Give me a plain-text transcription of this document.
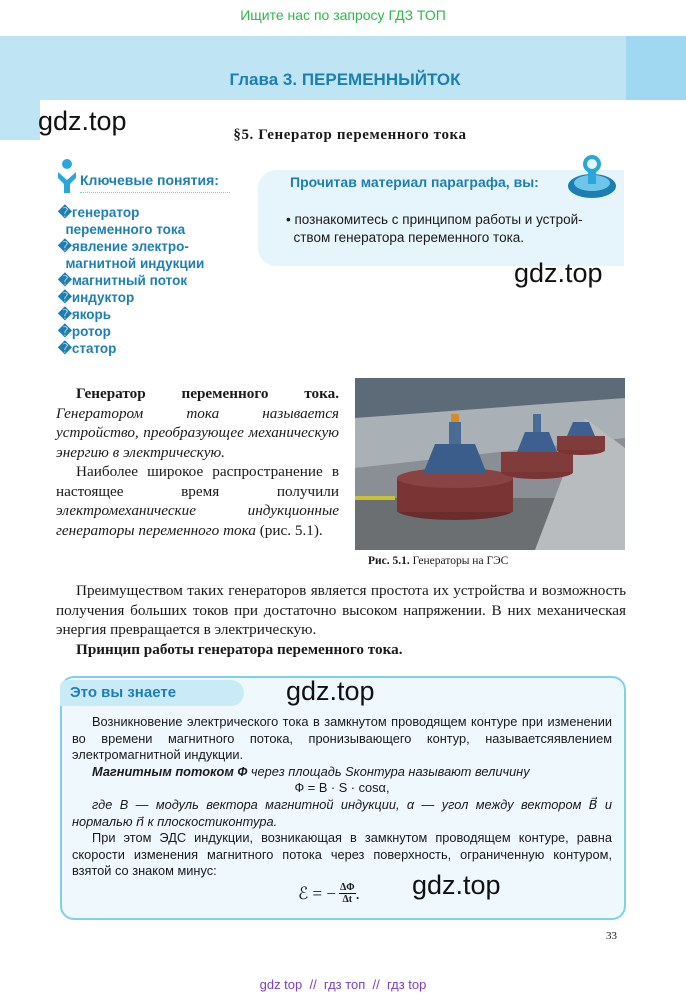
Ищите нас по запросу ГДЗ ТОП
Глава 3. ПЕРЕМЕННЫЙТОК
gdz.top	§5. Генератор переменного тока
Ключевые понятия:
�генератор
переменного тока
�явление электро-
магнитной индукции
�магнитный поток
�индуктор
�якорь
�ротор
�статор
Прочитав материал параграфа, вы:
• познакомитесь с принципом работы и устрой-
ством генератора переменного тока.
gdz.top
Рис. 5.1. Генераторы на ГЭС

Генератор переменного тока. Генератором тока называется устройство, преобразующее механическую энергию в электрическую.

Наиболее широкое распространение в настоящее время получили электромеханические индукционные генераторы переменного тока (рис. 5.1).

Преимуществом таких генераторов является простота их устройства и возможность получения больших токов при достаточно высоком напряжении. В них механическая энергия превращается в электрическую.

Принцип работы генератора переменного тока.

Это вы знаете	gdz.top

Возникновение электрического тока в замкнутом проводящем контуре при изменении во времени магнитного потока, пронизывающего контур, называетсяявлением электромагнитной индукции.

Магнитным потоком Ф через площадь Sконтура называют величину

Ф = B · S · cosα,

где B — модуль вектора магнитной индукции, α — угол между вектором B⃗ и нормалью n⃗ к плоскостиконтура.

При этом ЭДС индукции, возникающая в замкнутом проводящем контуре, равна скорости изменения магнитного потока через поверхность, ограниченную контуром, взятой со знаком минус:

ℰ = − $\frac{\Delta\Phi}{\Delta t}$ . gdz.top
33
gdz top  //  гдз топ  //  гдз top
